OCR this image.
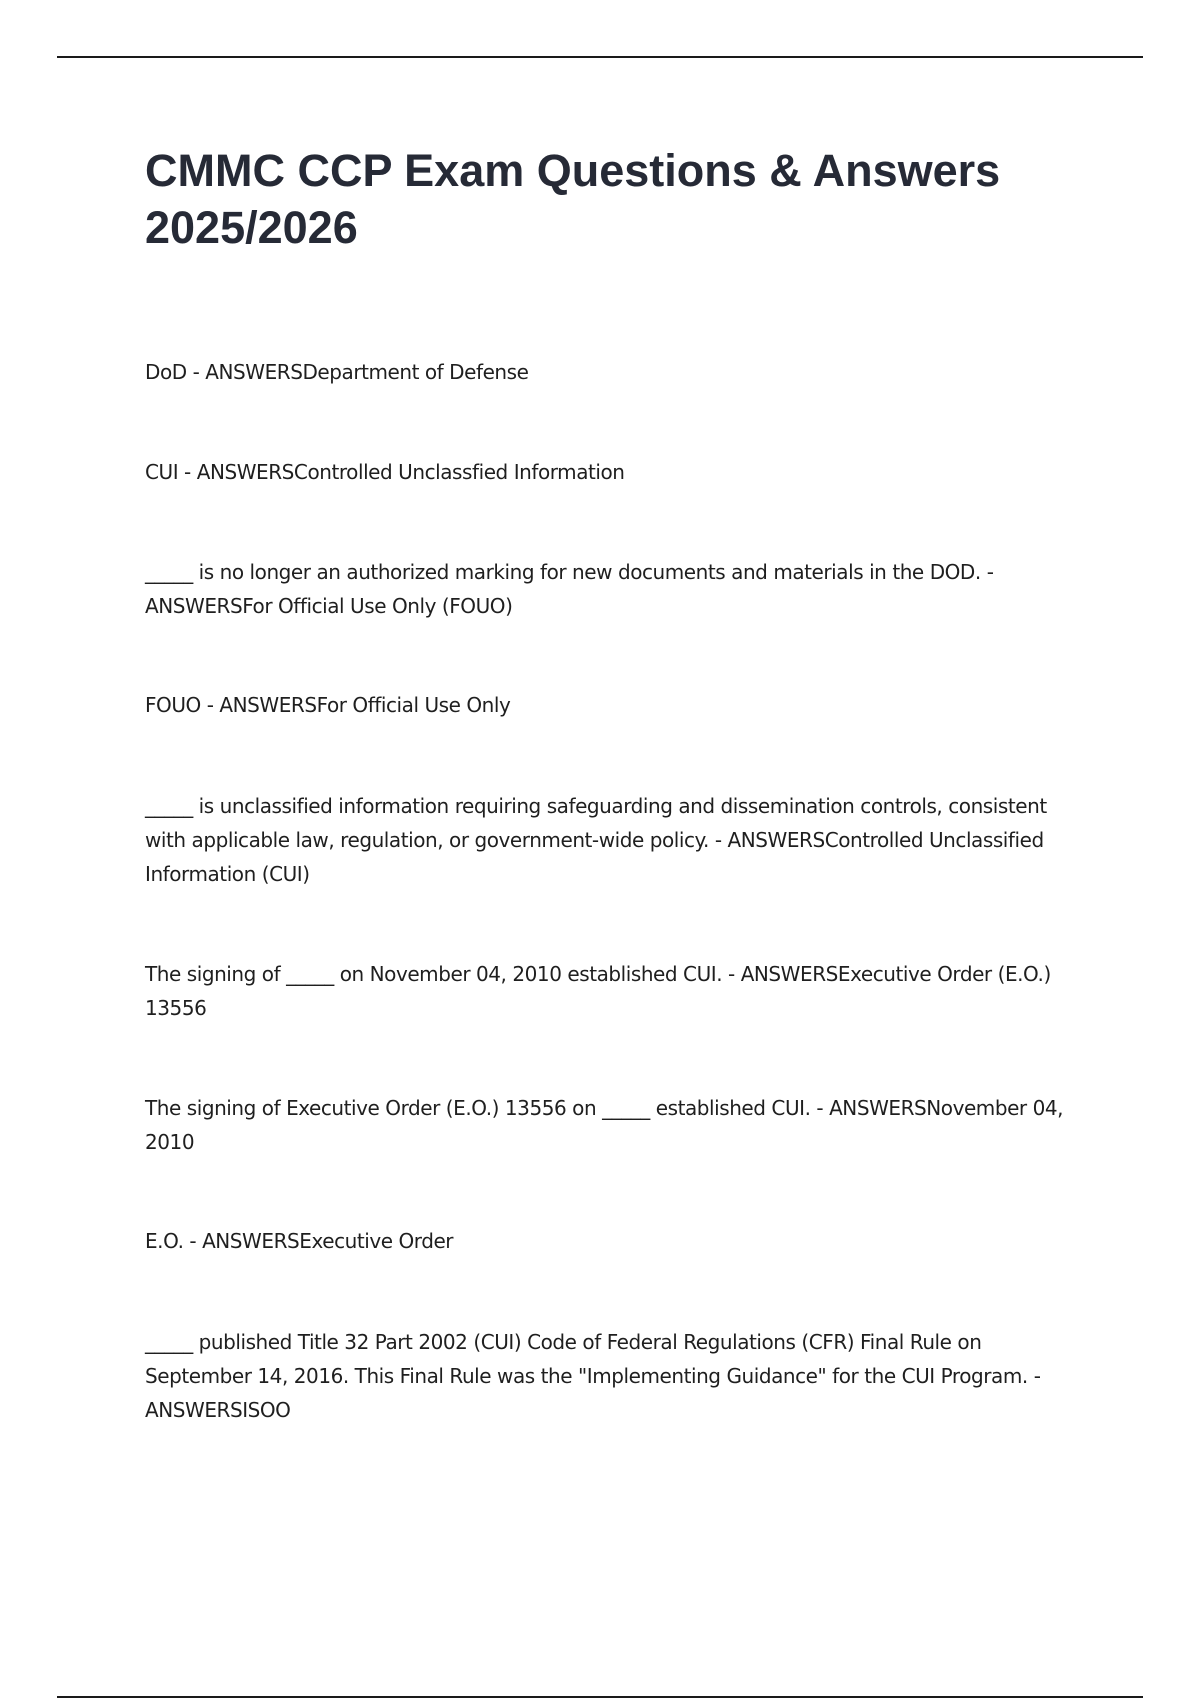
CMMC CCP Exam Questions & Answers 2025/2026

DoD - ANSWERSDepartment of Defense

CUI - ANSWERSControlled Unclassfied Information

_____ is no longer an authorized marking for new documents and materials in the DOD. - ANSWERSFor Official Use Only (FOUO)

FOUO - ANSWERSFor Official Use Only

_____ is unclassified information requiring safeguarding and dissemination controls, consistent with applicable law, regulation, or government-wide policy. - ANSWERSControlled Unclassified Information (CUI)

The signing of _____ on November 04, 2010 established CUI. - ANSWERSExecutive Order (E.O.) 13556

The signing of Executive Order (E.O.) 13556 on _____ established CUI. - ANSWERSNovember 04, 2010

E.O. - ANSWERSExecutive Order

_____ published Title 32 Part 2002 (CUI) Code of Federal Regulations (CFR) Final Rule on September 14, 2016. This Final Rule was the "Implementing Guidance" for the CUI Program. - ANSWERSISOO
